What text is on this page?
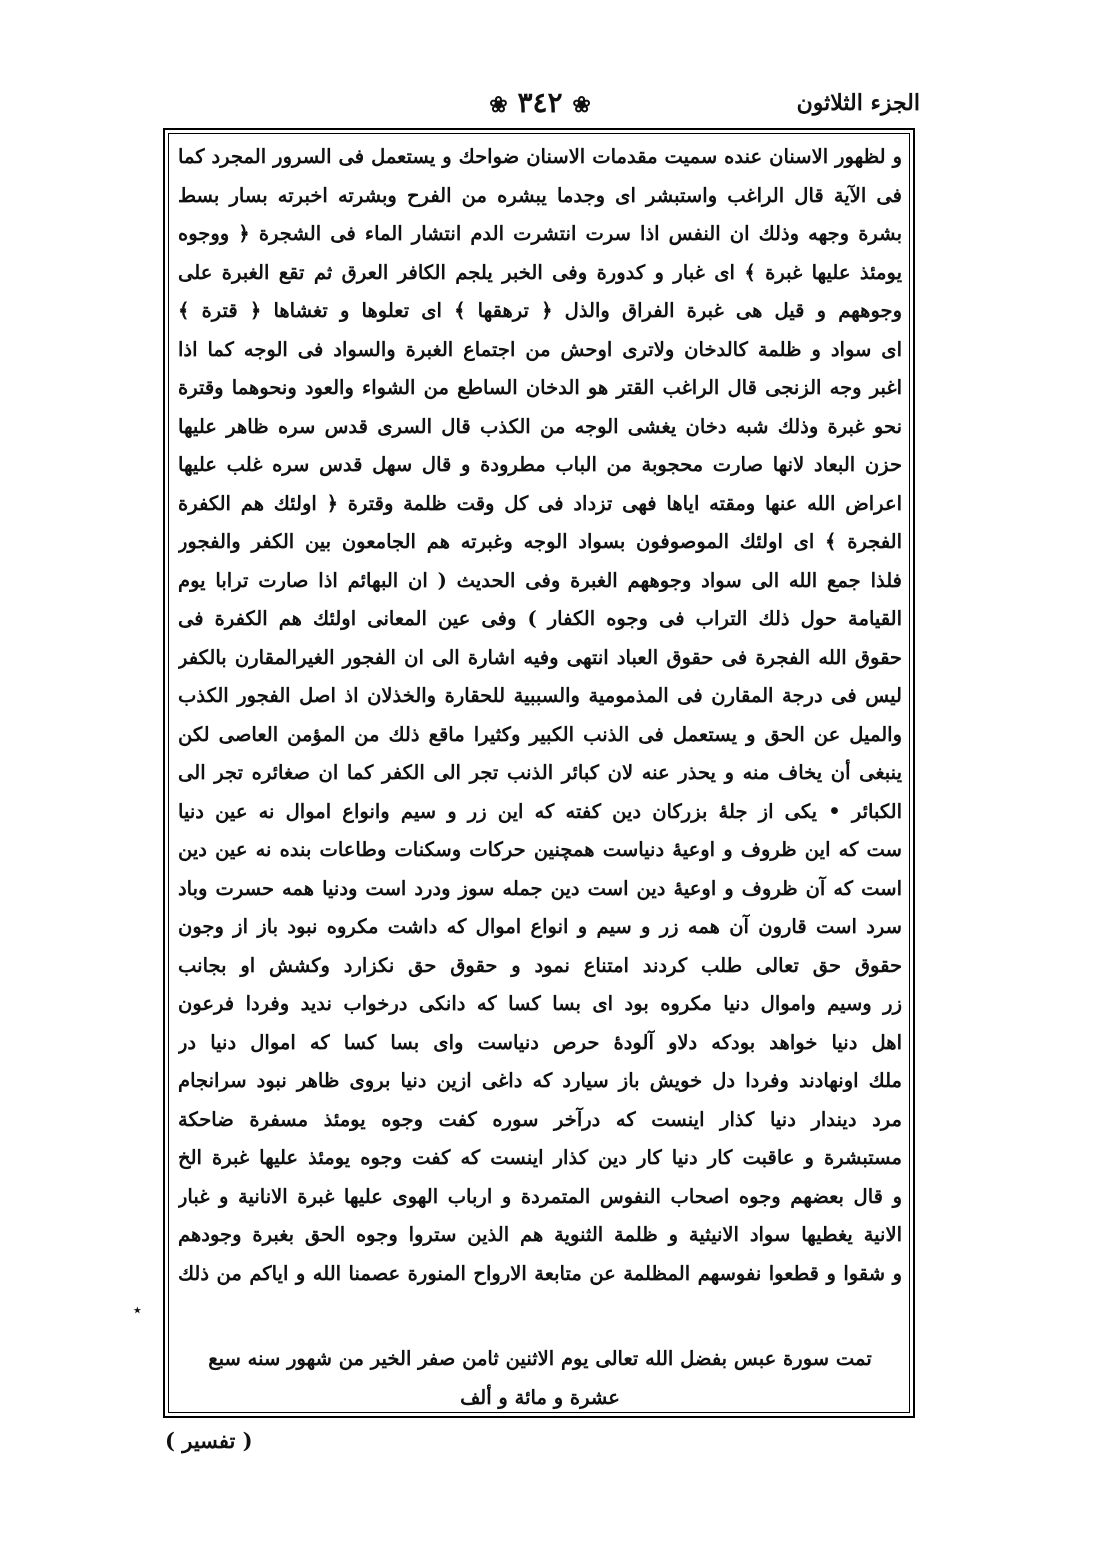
الجزء الثلاثون
❀ ٣٤٢ ❀
و لظهور الاسنان عنده سميت مقدمات الاسنان ضواحك و يستعمل فى السرور المجرد كما
فى الآية قال الراغب واستبشر اى وجدما يبشره من الفرح وبشرته اخبرته بسار بسط
بشرة وجهه وذلك ان النفس اذا سرت انتشرت الدم انتشار الماء فى الشجرة ﴿ ووجوه
يومئذ عليها غبرة ﴾ اى غبار و كدورة وفى الخبر يلجم الكافر العرق ثم تقع الغبرة على
وجوههم و قيل هى غبرة الفراق والذل ﴿ ترهقها ﴾ اى تعلوها و تغشاها ﴿ قترة ﴾
اى سواد و ظلمة كالدخان ولاترى اوحش من اجتماع الغبرة والسواد فى الوجه كما اذا
اغبر وجه الزنجى قال الراغب القتر هو الدخان الساطع من الشواء والعود ونحوهما وقترة
نحو غبرة وذلك شبه دخان يغشى الوجه من الكذب قال السرى قدس سره ظاهر عليها
حزن البعاد لانها صارت محجوبة من الباب مطرودة و قال سهل قدس سره غلب عليها
اعراض الله عنها ومقته اياها فهى تزداد فى كل وقت ظلمة وقترة ﴿ اولئك هم الكفرة
الفجرة ﴾ اى اولئك الموصوفون بسواد الوجه وغبرته هم الجامعون بين الكفر والفجور
فلذا جمع الله الى سواد وجوههم الغبرة وفى الحديث ( ان البهائم اذا صارت ترابا يوم
القيامة حول ذلك التراب فى وجوه الكفار ) وفى عين المعانى اولئك هم الكفرة فى
حقوق الله الفجرة فى حقوق العباد انتهى وفيه اشارة الى ان الفجور الغيرالمقارن بالكفر
ليس فى درجة المقارن فى المذمومية والسببية للحقارة والخذلان اذ اصل الفجور الكذب
والميل عن الحق و يستعمل فى الذنب الكبير وكثيرا ماقع ذلك من المؤمن العاصى لكن
ينبغى أن يخاف منه و يحذر عنه لان كبائر الذنب تجر الى الكفر كما ان صغائره تجر الى
الكبائر • يكى از جلهٔ بزركان دين كفته كه اين زر و سيم وانواع اموال نه عين دنيا
ست كه اين ظروف و اوعيهٔ دنياست همچنين حركات وسكنات وطاعات بنده نه عين دين
است كه آن ظروف و اوعيهٔ دين است دين جمله سوز ودرد است ودنيا همه حسرت وباد
سرد است قارون آن همه زر و سيم و انواع اموال كه داشت مكروه نبود باز از وجون
حقوق حق تعالى طلب كردند امتناع نمود و حقوق حق نكزارد وكشش او بجانب
زر وسيم واموال دنيا مكروه بود اى بسا كسا كه دانكى درخواب نديد وفردا فرعون
اهل دنيا خواهد بودكه دلاو آلودهٔ حرص دنياست واى بسا كسا كه اموال دنيا در
ملك اونهادند وفردا دل خويش باز سيارد كه داغى ازين دنيا بروى ظاهر نبود سرانجام
مرد ديندار دنيا كذار اينست كه درآخر سوره كفت وجوه يومئذ مسفرة ضاحكة
مستبشرة و عاقبت كار دنيا كار دين كذار اينست كه كفت وجوه يومئذ عليها غبرة الخ
و قال بعضهم وجوه اصحاب النفوس المتمردة و ارباب الهوى عليها غبرة الانانية و غبار
الانية يغطيها سواد الانيثية و ظلمة الثنوية هم الذين ستروا وجوه الحق بغبرة وجودهم
و شقوا و قطعوا نفوسهم المظلمة عن متابعة الارواح المنورة عصمنا الله و اياكم من ذلك
تمت سورة عبس بفضل الله تعالى يوم الاثنين ثامن صفر الخير من شهور سنه سبع
عشرة و مائة و ألف
٭
( تفسير )
